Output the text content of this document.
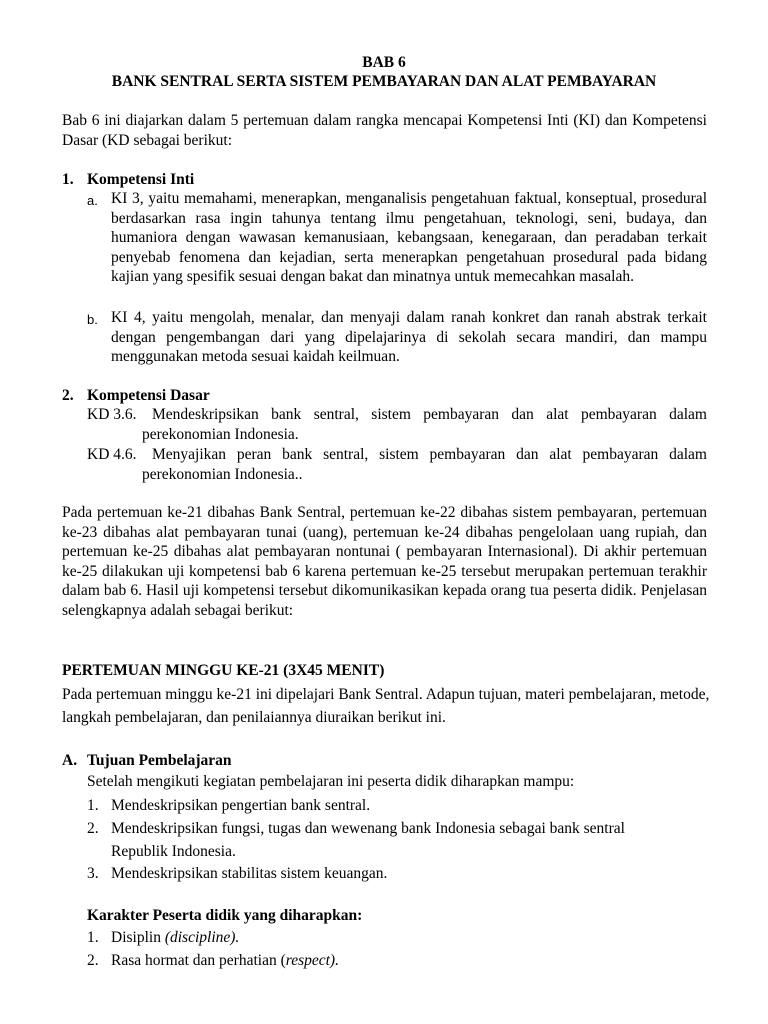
BAB 6
BANK SENTRAL SERTA SISTEM PEMBAYARAN DAN ALAT PEMBAYARAN

Bab 6 ini diajarkan dalam 5 pertemuan dalam rangka mencapai Kompetensi Inti (KI) dan Kompetensi Dasar (KD sebagai berikut:

1. Kompetensi Inti
a. KI 3, yaitu memahami, menerapkan, menganalisis pengetahuan faktual, konseptual, prosedural berdasarkan rasa ingin tahunya tentang ilmu pengetahuan, teknologi, seni, budaya, dan humaniora dengan wawasan kemanusiaan, kebangsaan, kenegaraan, dan peradaban terkait penyebab fenomena dan kejadian, serta menerapkan pengetahuan prosedural pada bidang kajian yang spesifik sesuai dengan bakat dan minatnya untuk memecahkan masalah.

b. KI 4, yaitu mengolah, menalar, dan menyaji dalam ranah konkret dan ranah abstrak terkait dengan pengembangan dari yang dipelajarinya di sekolah secara mandiri, dan mampu menggunakan metoda sesuai kaidah keilmuan.

2. Kompetensi Dasar
KD 3.6. Mendeskripsikan bank sentral, sistem pembayaran dan alat pembayaran dalam

perekonomian Indonesia.
KD 4.6. Menyajikan peran bank sentral, sistem pembayaran dan alat pembayaran dalam

perekonomian Indonesia..

Pada pertemuan ke-21 dibahas Bank Sentral, pertemuan ke-22 dibahas sistem pembayaran, pertemuan ke-23 dibahas alat pembayaran tunai (uang), pertemuan ke-24 dibahas pengelolaan uang rupiah, dan pertemuan ke-25 dibahas alat pembayaran nontunai ( pembayaran Internasional). Di akhir pertemuan ke-25 dilakukan uji kompetensi bab 6 karena pertemuan ke-25 tersebut merupakan pertemuan terakhir dalam bab 6. Hasil uji kompetensi tersebut dikomunikasikan kepada orang tua peserta didik. Penjelasan selengkapnya adalah sebagai berikut:

PERTEMUAN MINGGU KE-21 (3X45 MENIT)

Pada pertemuan minggu ke-21 ini dipelajari Bank Sentral. Adapun tujuan, materi pembelajaran, metode, langkah pembelajaran, dan penilaiannya diuraikan berikut ini.

A. Tujuan Pembelajaran
Setelah mengikuti kegiatan pembelajaran ini peserta didik diharapkan mampu:
1. Mendeskripsikan pengertian bank sentral.
2. Mendeskripsikan fungsi, tugas dan wewenang bank Indonesia sebagai bank sentral
Republik Indonesia.
3. Mendeskripsikan stabilitas sistem keuangan.
Karakter Peserta didik yang diharapkan:
1. Disiplin (discipline).
2. Rasa hormat dan perhatian (respect).
